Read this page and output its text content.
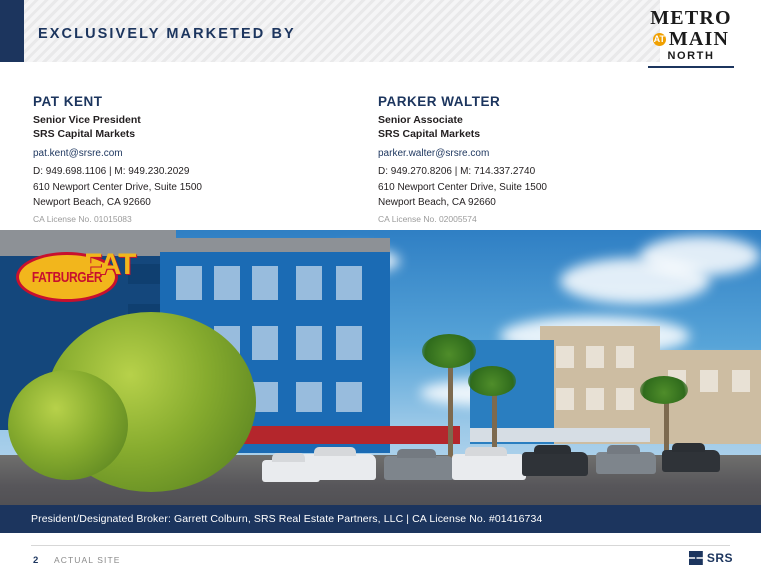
EXCLUSIVELY MARKETED BY
METRO
AT MAIN
NORTH
PAT KENT
Senior Vice President
SRS Capital Markets
pat.kent@srsre.com
D: 949.698.1106 | M: 949.230.2029
610 Newport Center Drive, Suite 1500
Newport Beach, CA 92660
CA License No. 01015083
PARKER WALTER
Senior Associate
SRS Capital Markets
parker.walter@srsre.com
D: 949.270.8206 | M: 714.337.2740
610 Newport Center Drive, Suite 1500
Newport Beach, CA 92660
CA License No. 02005574
FATBURGER
FAT
President/Designated Broker: Garrett Colburn, SRS Real Estate Partners, LLC | CA License No. #01416734
2 ACTUAL SITE	SRS
